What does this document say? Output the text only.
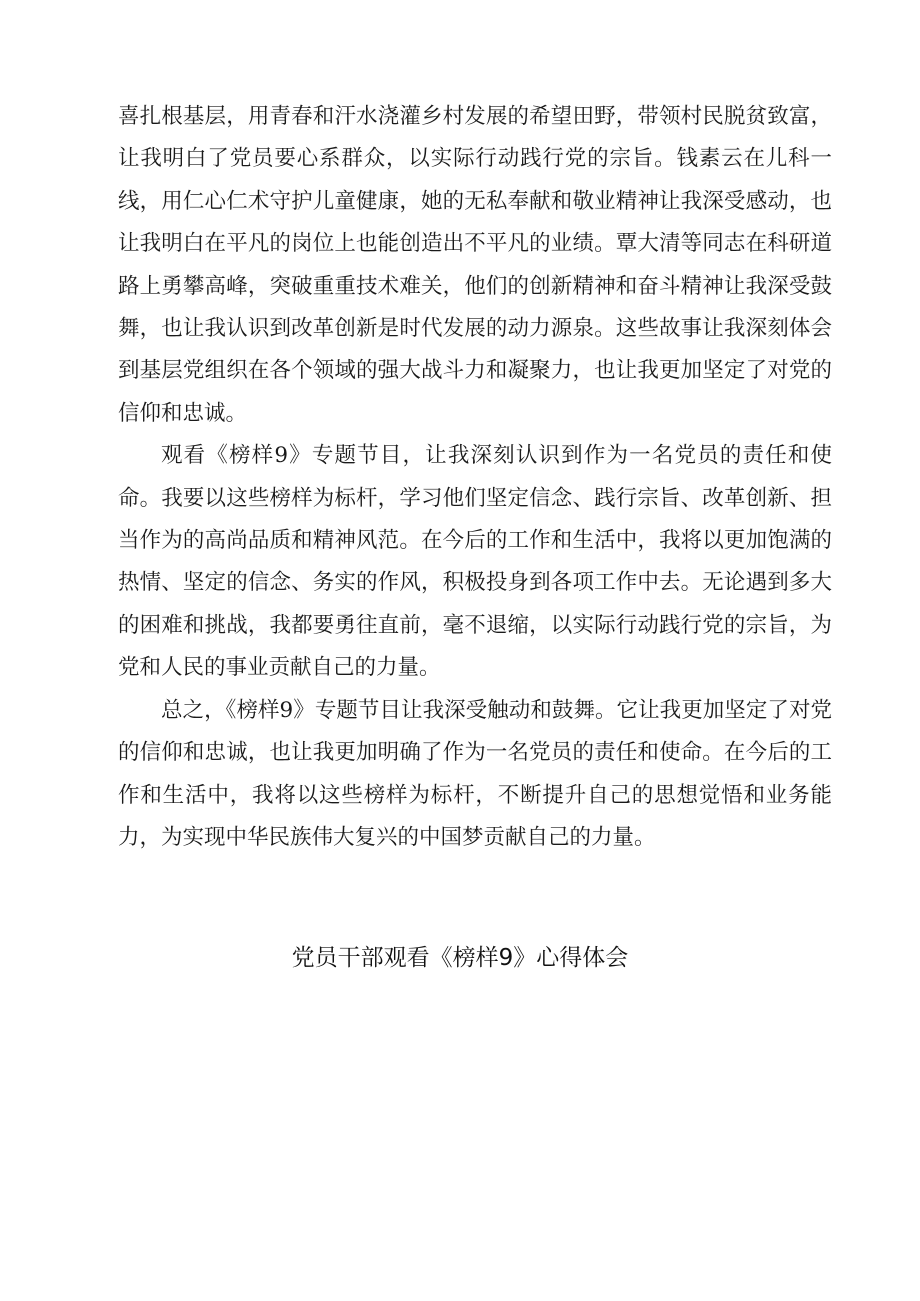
喜扎根基层，用青春和汗水浇灌乡村发展的希望田野，带领村民脱贫致富，让我明白了党员要心系群众，以实际行动践行党的宗旨。钱素云在儿科一线，用仁心仁术守护儿童健康，她的无私奉献和敬业精神让我深受感动，也让我明白在平凡的岗位上也能创造出不平凡的业绩。覃大清等同志在科研道路上勇攀高峰，突破重重技术难关，他们的创新精神和奋斗精神让我深受鼓舞，也让我认识到改革创新是时代发展的动力源泉。这些故事让我深刻体会到基层党组织在各个领域的强大战斗力和凝聚力，也让我更加坚定了对党的信仰和忠诚。

观看《榜样9》专题节目，让我深刻认识到作为一名党员的责任和使命。我要以这些榜样为标杆，学习他们坚定信念、践行宗旨、改革创新、担当作为的高尚品质和精神风范。在今后的工作和生活中，我将以更加饱满的热情、坚定的信念、务实的作风，积极投身到各项工作中去。无论遇到多大的困难和挑战，我都要勇往直前，毫不退缩，以实际行动践行党的宗旨，为党和人民的事业贡献自己的力量。

总之，《榜样9》专题节目让我深受触动和鼓舞。它让我更加坚定了对党的信仰和忠诚，也让我更加明确了作为一名党员的责任和使命。在今后的工作和生活中，我将以这些榜样为标杆，不断提升自己的思想觉悟和业务能力，为实现中华民族伟大复兴的中国梦贡献自己的力量。

党员干部观看《榜样9》心得体会
